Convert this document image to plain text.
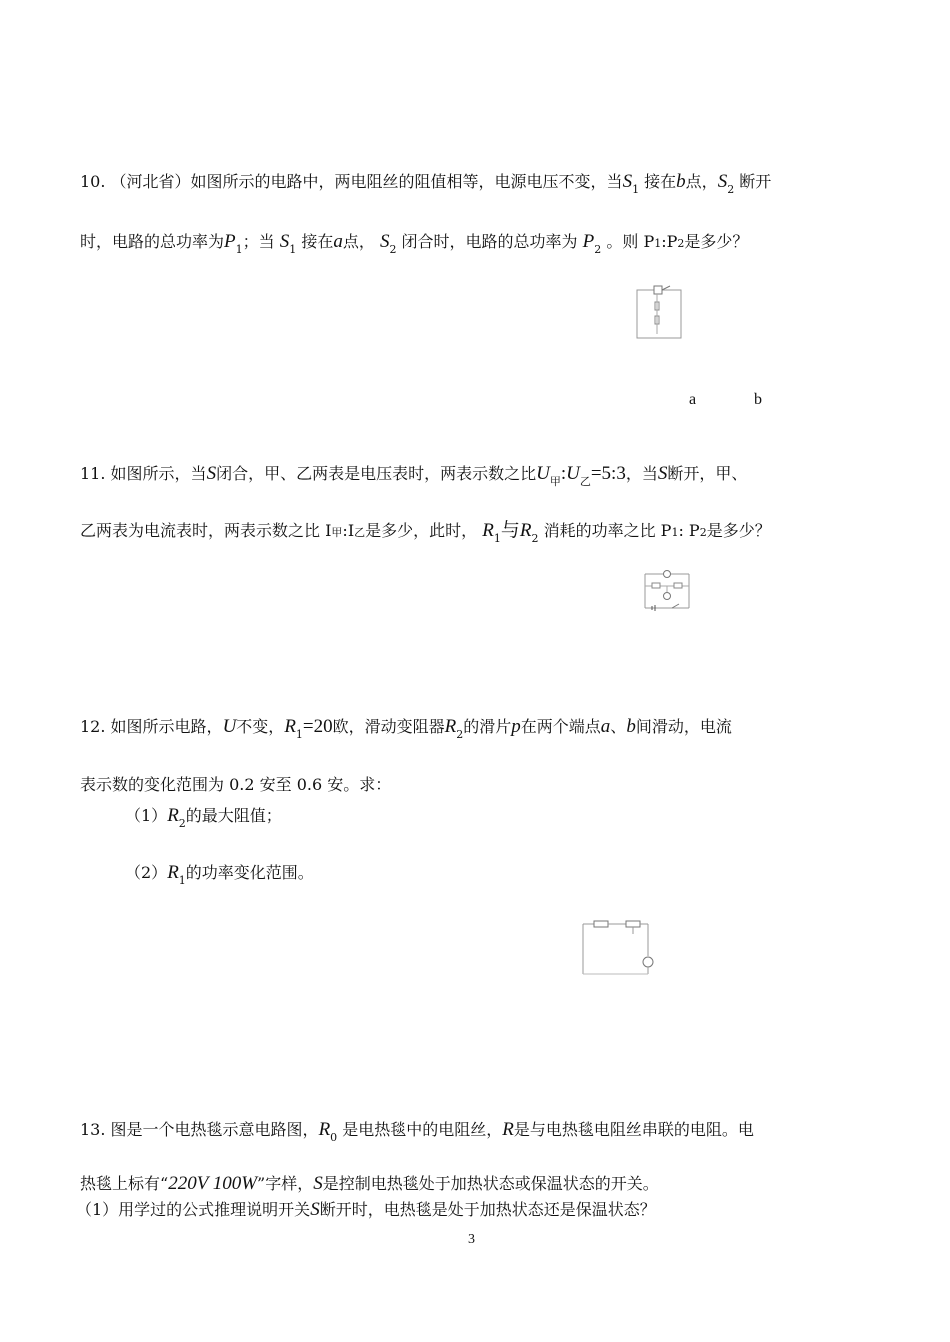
10. （河北省）如图所示的电路中，两电阻丝的阻值相等，电源电压不变，当$S_1$ 接在b点，$S_2$ 断开
时，电路的总功率为$P_1$；当 $S_1$ 接在a点， $S_2$ 闭合时，电路的总功率为 $P_2$ 。则 P1:P2是多少？
a	b
11. 如图所示，当S闭合，甲、乙两表是电压表时，两表示数之比$U_甲:U_乙=5:3$，当S断开，甲、
乙两表为电流表时，两表示数之比 I甲:I乙是多少，此时， $R_1$与$R_2$ 消耗的功率之比 P1: P2是多少？
12. 如图所示电路，U不变，$R_1=20$欧，滑动变阻器$R_2$的滑片p在两个端点a、b间滑动，电流
表示数的变化范围为 0.2 安至 0.6 安。求：
$(1)R_2$的最大阻值；
$(2)R_1$的功率变化范围。
13. 图是一个电热毯示意电路图，$R_0$ 是电热毯中的电阻丝，R是与电热毯电阻丝串联的电阻。电
热毯上标有“220V 100W”字样，S是控制电热毯处于加热状态或保温状态的开关。
（1）用学过的公式推理说明开关S断开时，电热毯是处于加热状态还是保温状态？
3
